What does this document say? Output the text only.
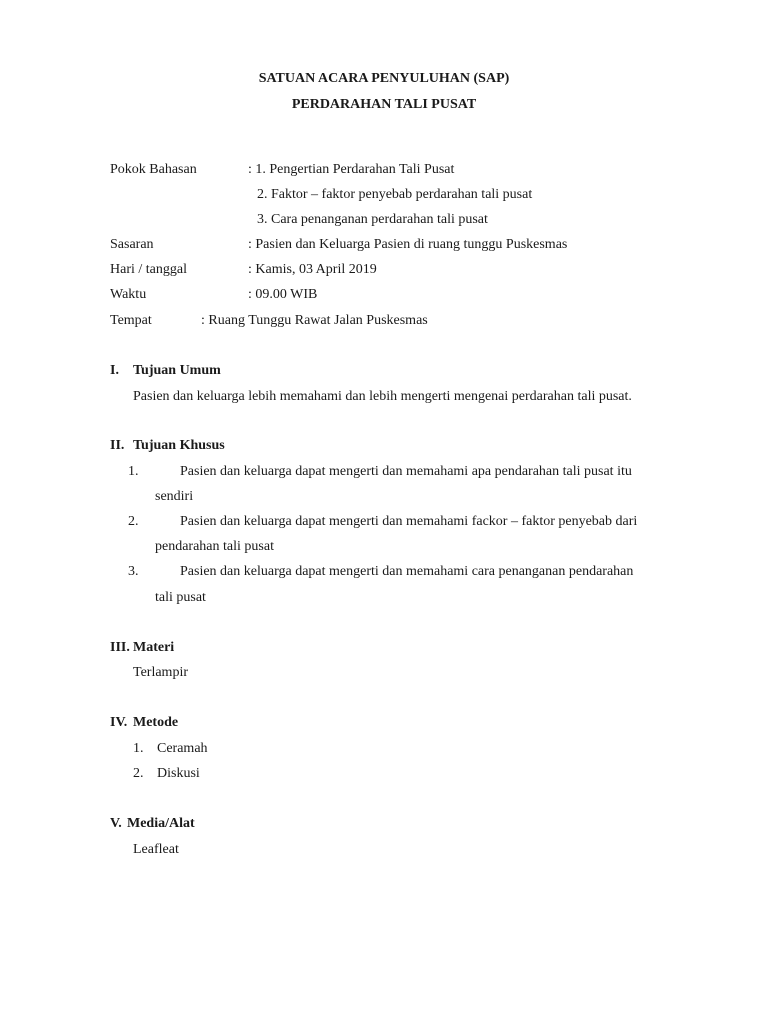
SATUAN ACARA PENYULUHAN (SAP)
PERDARAHAN TALI PUSAT
Pokok Bahasan	: 1. Pengertian Perdarahan Tali Pusat
2. Faktor – faktor penyebab perdarahan tali pusat
3. Cara penanganan perdarahan tali pusat
Sasaran	: Pasien dan Keluarga Pasien di ruang tunggu Puskesmas
Hari / tanggal	: Kamis, 03 April 2019
Waktu	: 09.00 WIB
Tempat	: Ruang Tunggu Rawat Jalan Puskesmas
I. Tujuan Umum
Pasien dan keluarga lebih memahami dan lebih mengerti mengenai perdarahan tali pusat.
II. Tujuan Khusus
1.	Pasien dan keluarga dapat mengerti dan memahami apa pendarahan tali pusat itu
sendiri
2.	Pasien dan keluarga dapat mengerti dan memahami fackor – faktor penyebab dari
pendarahan tali pusat
3.	Pasien dan keluarga dapat mengerti dan memahami cara penanganan pendarahan
tali pusat
III. Materi
Terlampir
IV. Metode
1. Ceramah
2. Diskusi
V. Media/Alat
Leafleat
